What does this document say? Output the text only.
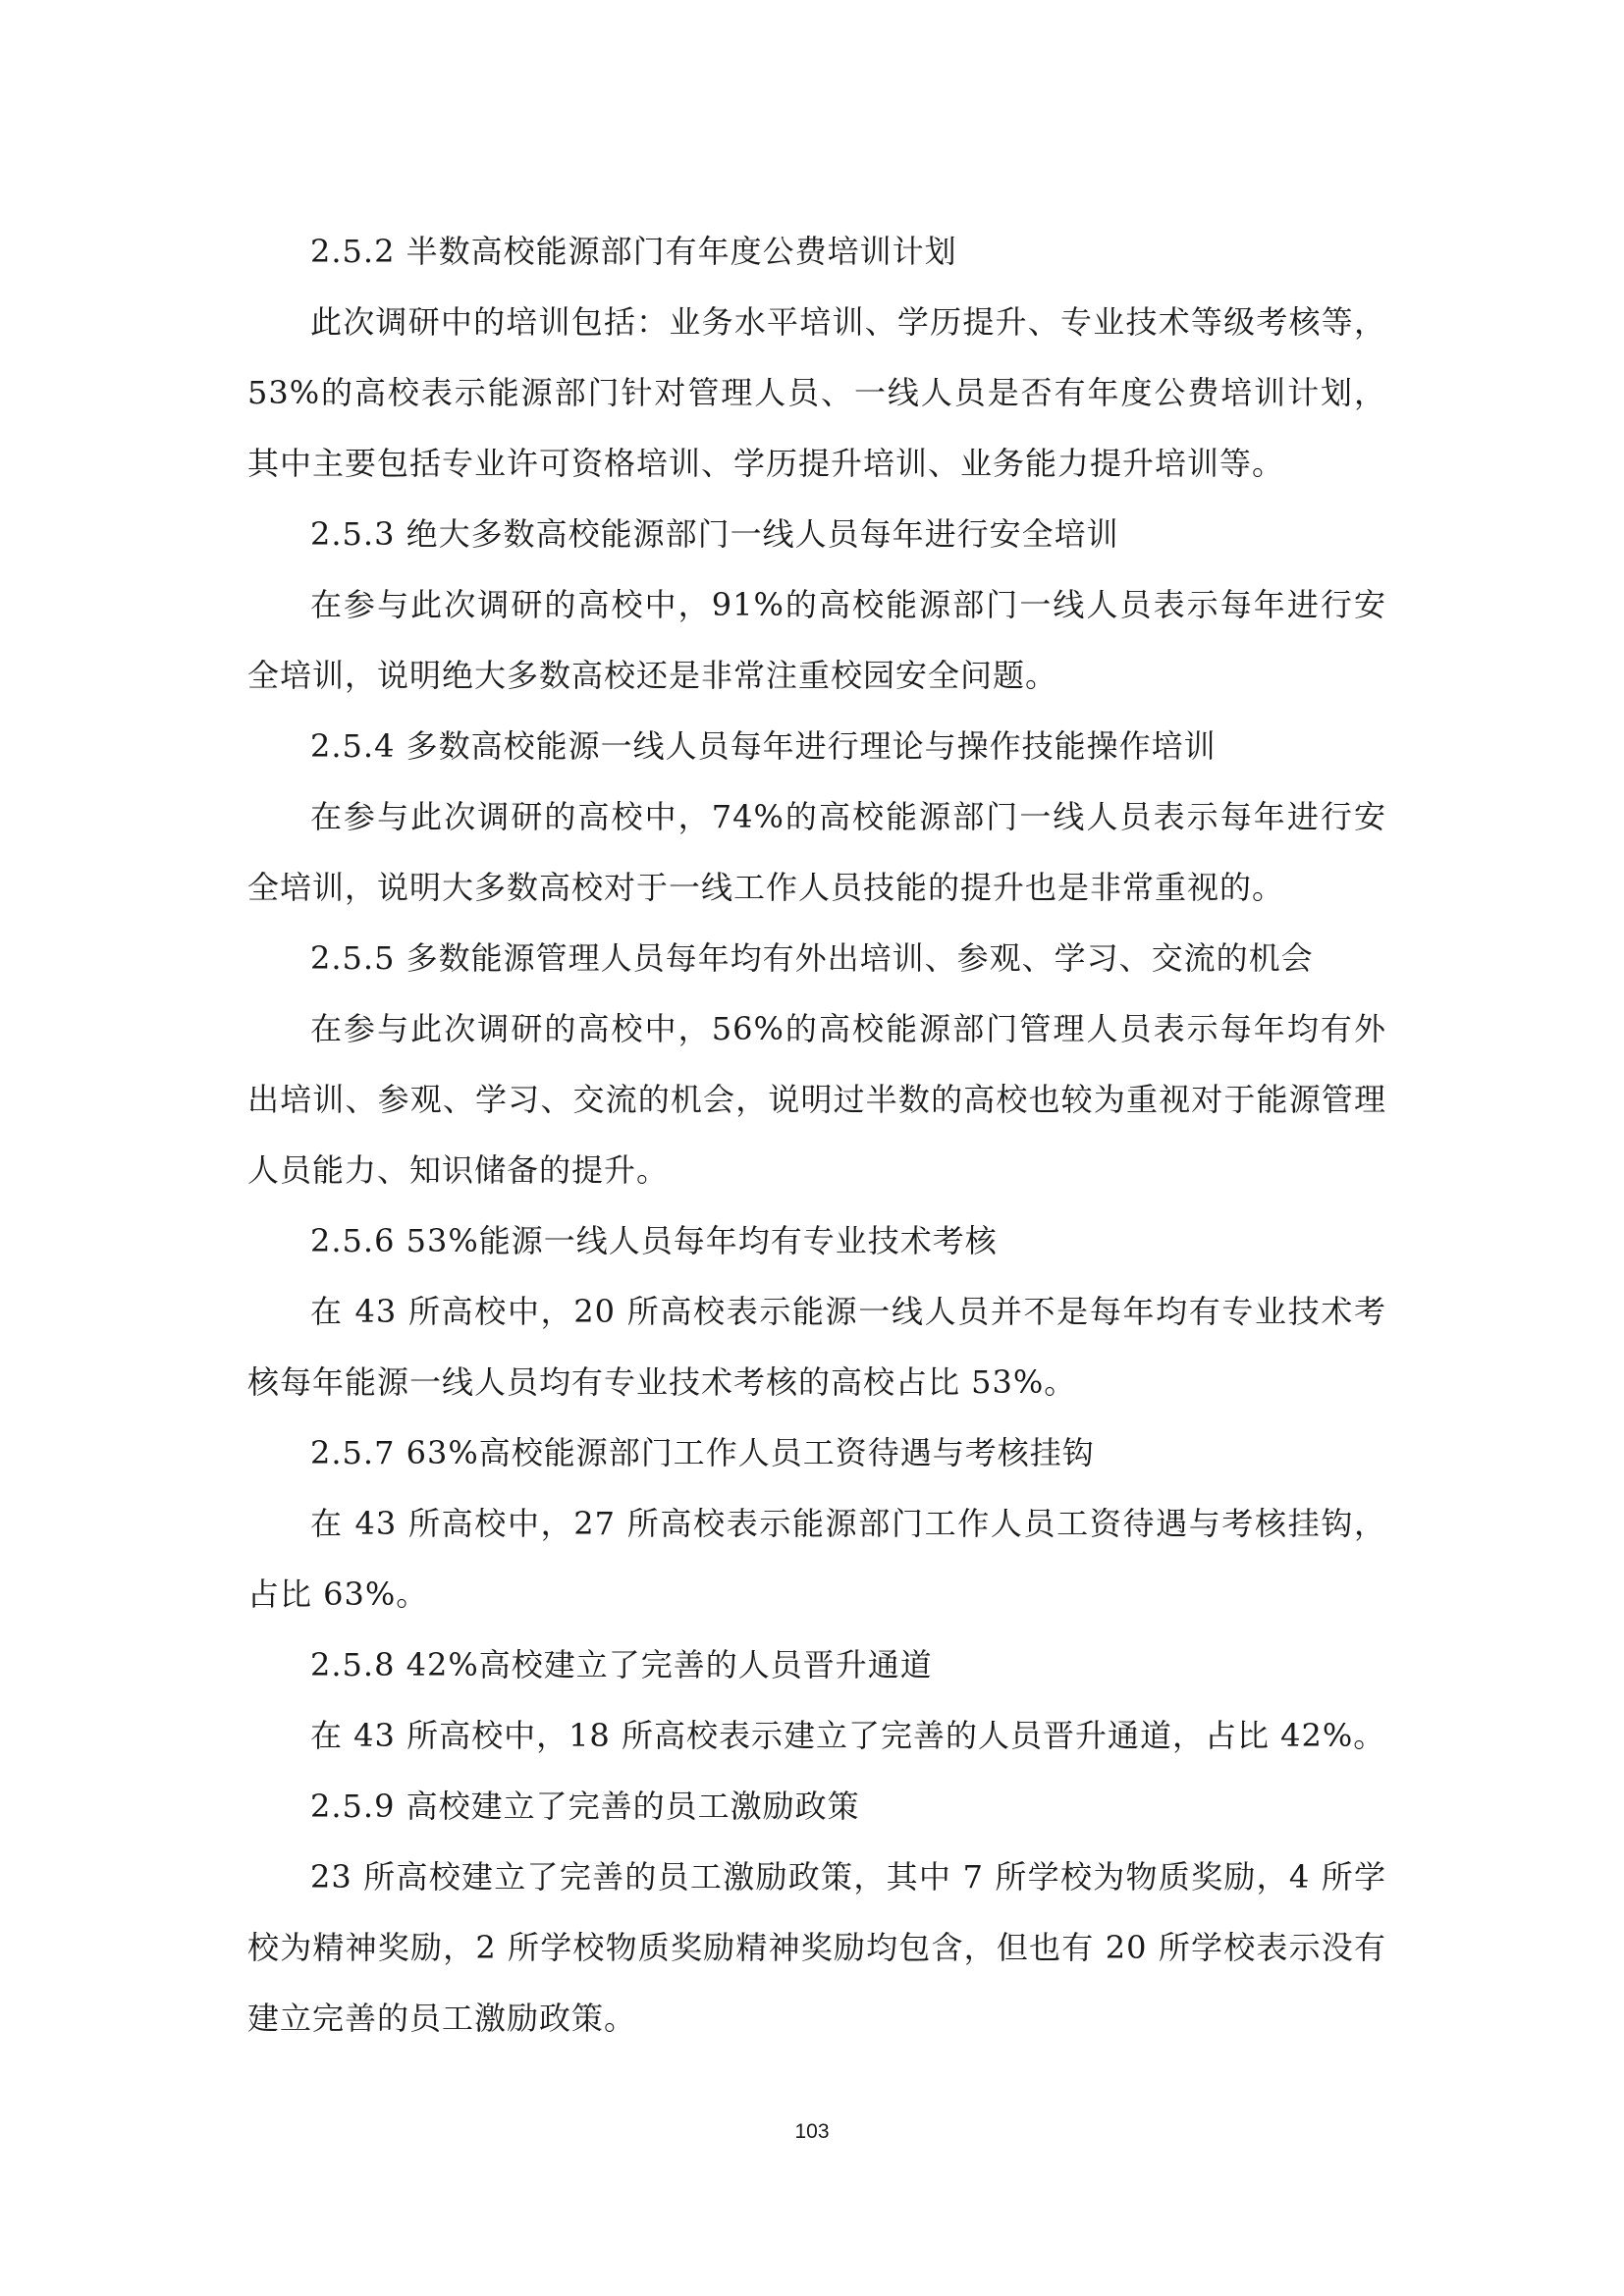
2.5.2 半数高校能源部门有年度公费培训计划

此次调研中的培训包括：业务水平培训、学历提升、专业技术等级考核等，53%的高校表示能源部门针对管理人员、一线人员是否有年度公费培训计划，其中主要包括专业许可资格培训、学历提升培训、业务能力提升培训等。

2.5.3 绝大多数高校能源部门一线人员每年进行安全培训

在参与此次调研的高校中，91%的高校能源部门一线人员表示每年进行安全培训，说明绝大多数高校还是非常注重校园安全问题。

2.5.4 多数高校能源一线人员每年进行理论与操作技能操作培训

在参与此次调研的高校中，74%的高校能源部门一线人员表示每年进行安全培训，说明大多数高校对于一线工作人员技能的提升也是非常重视的。

2.5.5 多数能源管理人员每年均有外出培训、参观、学习、交流的机会

在参与此次调研的高校中，56%的高校能源部门管理人员表示每年均有外出培训、参观、学习、交流的机会，说明过半数的高校也较为重视对于能源管理人员能力、知识储备的提升。

2.5.6 53%能源一线人员每年均有专业技术考核

在 43 所高校中，20 所高校表示能源一线人员并不是每年均有专业技术考核每年能源一线人员均有专业技术考核的高校占比 53%。

2.5.7 63%高校能源部门工作人员工资待遇与考核挂钩

在 43 所高校中，27 所高校表示能源部门工作人员工资待遇与考核挂钩，占比 63%。

2.5.8 42%高校建立了完善的人员晋升通道

在 43 所高校中，18 所高校表示建立了完善的人员晋升通道，占比 42%。

2.5.9 高校建立了完善的员工激励政策

23 所高校建立了完善的员工激励政策，其中 7 所学校为物质奖励，4 所学校为精神奖励，2 所学校物质奖励精神奖励均包含，但也有 20 所学校表示没有建立完善的员工激励政策。

103
